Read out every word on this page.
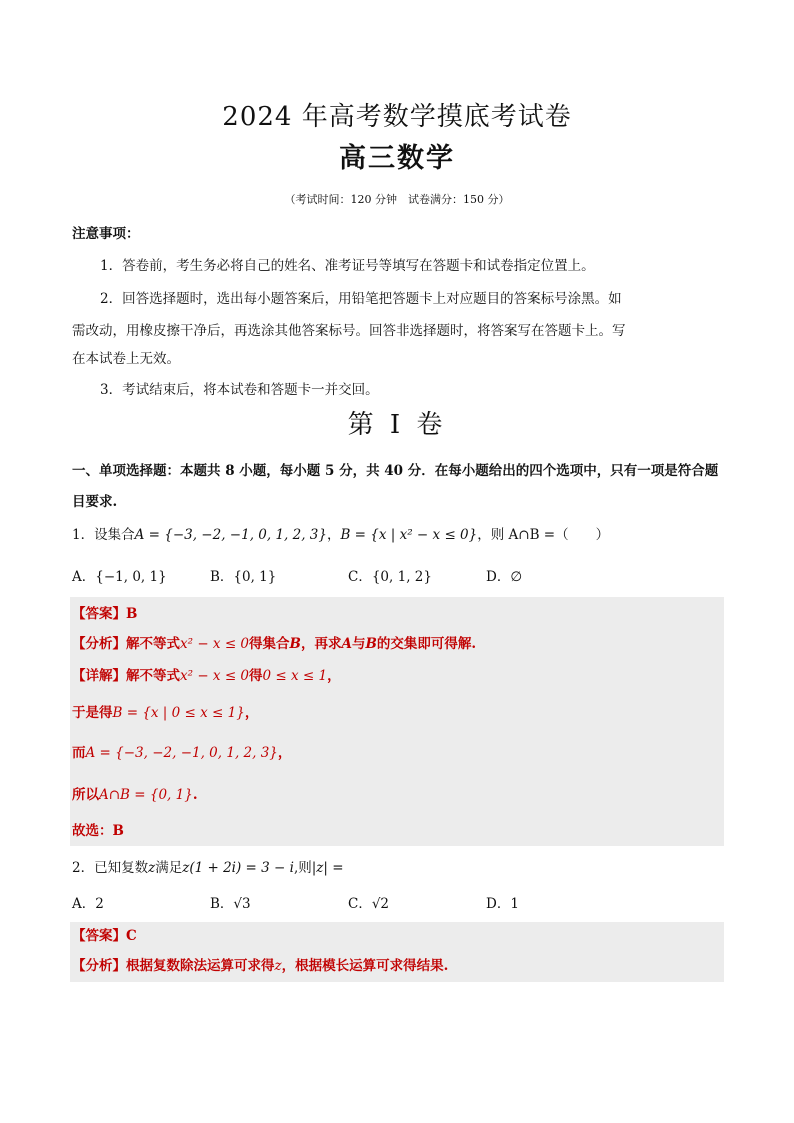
2024 年高考数学摸底考试卷
高三数学
（考试时间：120 分钟　试卷满分：150 分）
注意事项：
1．答卷前，考生务必将自己的姓名、准考证号等填写在答题卡和试卷指定位置上。
2．回答选择题时，选出每小题答案后，用铅笔把答题卡上对应题目的答案标号涂黑。如
需改动，用橡皮擦干净后，再选涂其他答案标号。回答非选择题时，将答案写在答题卡上。写
在本试卷上无效。
3．考试结束后，将本试卷和答题卡一并交回。
第 I 卷
一、单项选择题：本题共 8 小题，每小题 5 分，共 40 分．在每小题给出的四个选项中，只有一项是符合题
目要求.
1．设集合A = {−3, −2, −1, 0, 1, 2, 3}，B = {x | x² − x ≤ 0}，则 A∩B =（　　）
A．{−1, 0, 1}	B．{0, 1}	C．{0, 1, 2}	D．∅
【答案】B
【分析】解不等式x² − x ≤ 0得集合B，再求A与B的交集即可得解.
【详解】解不等式x² − x ≤ 0得0 ≤ x ≤ 1，
于是得B = {x | 0 ≤ x ≤ 1}，
而A = {−3, −2, −1, 0, 1, 2, 3}，
所以A∩B = {0, 1}.
故选：B
2．已知复数z满足z(1 + 2i) = 3 − i,则|z| =
A．2	B．√3	C．√2	D．1
【答案】C
【分析】根据复数除法运算可求得z，根据模长运算可求得结果.
